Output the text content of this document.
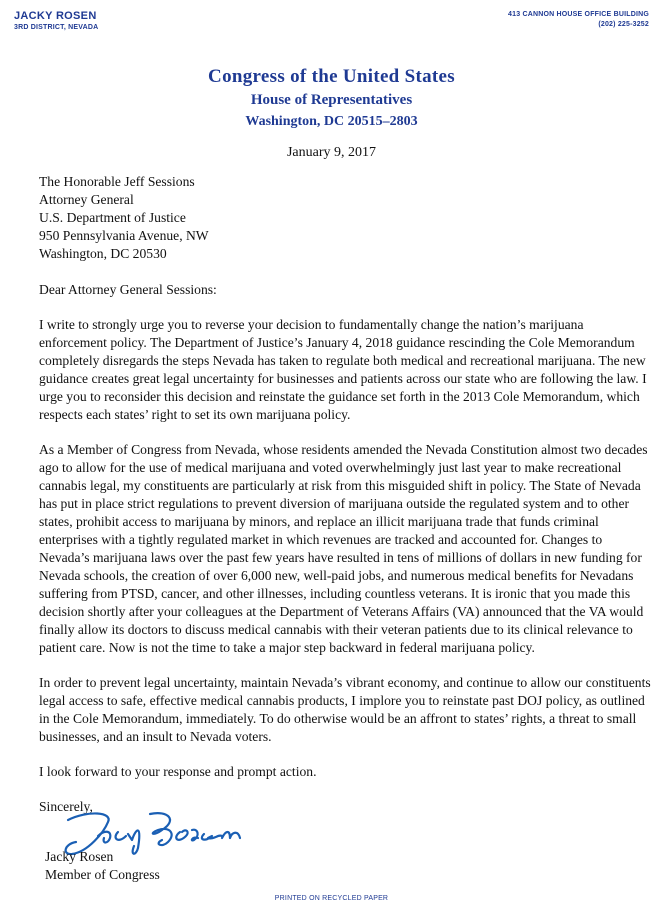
JACKY ROSEN
3RD DISTRICT, NEVADA
413 CANNON HOUSE OFFICE BUILDING
(202) 225-3252
Congress of the United States
House of Representatives
Washington, DC 20515–2803
January 9, 2017
The Honorable Jeff Sessions
Attorney General
U.S. Department of Justice
950 Pennsylvania Avenue, NW
Washington, DC 20530
Dear Attorney General Sessions:
I write to strongly urge you to reverse your decision to fundamentally change the nation’s marijuana enforcement policy. The Department of Justice’s January 4, 2018 guidance rescinding the Cole Memorandum completely disregards the steps Nevada has taken to regulate both medical and recreational marijuana. The new guidance creates great legal uncertainty for businesses and patients across our state who are following the law. I urge you to reconsider this decision and reinstate the guidance set forth in the 2013 Cole Memorandum, which respects each states’ right to set its own marijuana policy.
As a Member of Congress from Nevada, whose residents amended the Nevada Constitution almost two decades ago to allow for the use of medical marijuana and voted overwhelmingly just last year to make recreational cannabis legal, my constituents are particularly at risk from this misguided shift in policy. The State of Nevada has put in place strict regulations to prevent diversion of marijuana outside the regulated system and to other states, prohibit access to marijuana by minors, and replace an illicit marijuana trade that funds criminal enterprises with a tightly regulated market in which revenues are tracked and accounted for. Changes to Nevada’s marijuana laws over the past few years have resulted in tens of millions of dollars in new funding for Nevada schools, the creation of over 6,000 new, well-paid jobs, and numerous medical benefits for Nevadans suffering from PTSD, cancer, and other illnesses, including countless veterans. It is ironic that you made this decision shortly after your colleagues at the Department of Veterans Affairs (VA) announced that the VA would finally allow its doctors to discuss medical cannabis with their veteran patients due to its clinical relevance to patient care. Now is not the time to take a major step backward in federal marijuana policy.
In order to prevent legal uncertainty, maintain Nevada’s vibrant economy, and continue to allow our constituents legal access to safe, effective medical cannabis products, I implore you to reinstate past DOJ policy, as outlined in the Cole Memorandum, immediately. To do otherwise would be an affront to states’ rights, a threat to small businesses, and an insult to Nevada voters.
I look forward to your response and prompt action.
Sincerely,
Jacky Rosen
Member of Congress
PRINTED ON RECYCLED PAPER
